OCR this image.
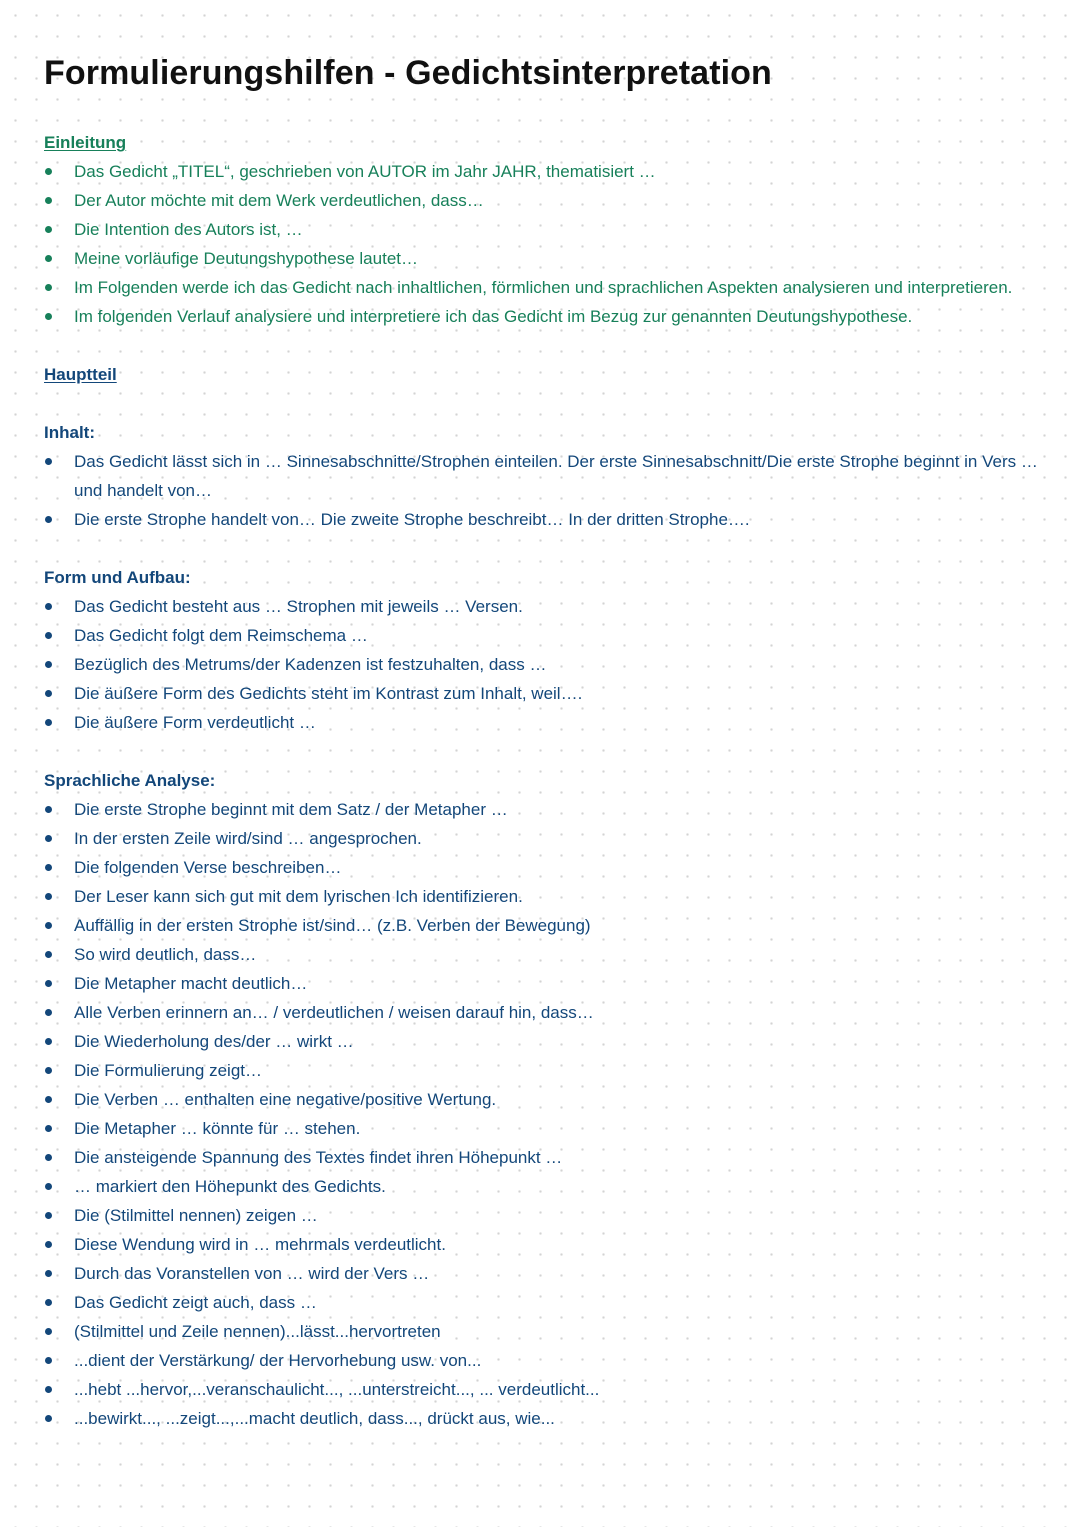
Formulierungshilfen - Gedichtsinterpretation
Einleitung
Das Gedicht „TITEL“, geschrieben von AUTOR im Jahr JAHR, thematisiert …
Der Autor möchte mit dem Werk verdeutlichen, dass…
Die Intention des Autors ist, …
Meine vorläufige Deutungshypothese lautet…
Im Folgenden werde ich das Gedicht nach inhaltlichen, förmlichen und sprachlichen Aspekten analysieren und interpretieren.
Im folgenden Verlauf analysiere und interpretiere ich das Gedicht im Bezug zur genannten Deutungshypothese.
Hauptteil
Inhalt:
Das Gedicht lässt sich in … Sinnesabschnitte/Strophen einteilen. Der erste Sinnesabschnitt/Die erste Strophe beginnt in Vers … und handelt von…
Die erste Strophe handelt von… Die zweite Strophe beschreibt… In der dritten Strophe….
Form und Aufbau:
Das Gedicht besteht aus … Strophen mit jeweils … Versen.
Das Gedicht folgt dem Reimschema …
Bezüglich des Metrums/der Kadenzen ist festzuhalten, dass …
Die äußere Form des Gedichts steht im Kontrast zum Inhalt, weil….
Die äußere Form verdeutlicht …
Sprachliche Analyse:
Die erste Strophe beginnt mit dem Satz / der Metapher …
In der ersten Zeile wird/sind … angesprochen.
Die folgenden Verse beschreiben…
Der Leser kann sich gut mit dem lyrischen Ich identifizieren.
Auffällig in der ersten Strophe ist/sind… (z.B. Verben der Bewegung)
So wird deutlich, dass…
Die Metapher macht deutlich…
Alle Verben erinnern an… / verdeutlichen / weisen darauf hin, dass…
Die Wiederholung des/der … wirkt …
Die Formulierung zeigt…
Die Verben … enthalten eine negative/positive Wertung.
Die Metapher … könnte für … stehen.
Die ansteigende Spannung des Textes findet ihren Höhepunkt …
… markiert den Höhepunkt des Gedichts.
Die (Stilmittel nennen) zeigen …
Diese Wendung wird in … mehrmals verdeutlicht.
Durch das Voranstellen von … wird der Vers …
Das Gedicht zeigt auch, dass …
(Stilmittel und Zeile nennen)...lässt...hervortreten
...dient der Verstärkung/ der Hervorhebung usw. von...
...hebt ...hervor,...veranschaulicht..., ...unterstreicht..., ... verdeutlicht...
...bewirkt..., ...zeigt...,...macht deutlich, dass..., drückt aus, wie...
